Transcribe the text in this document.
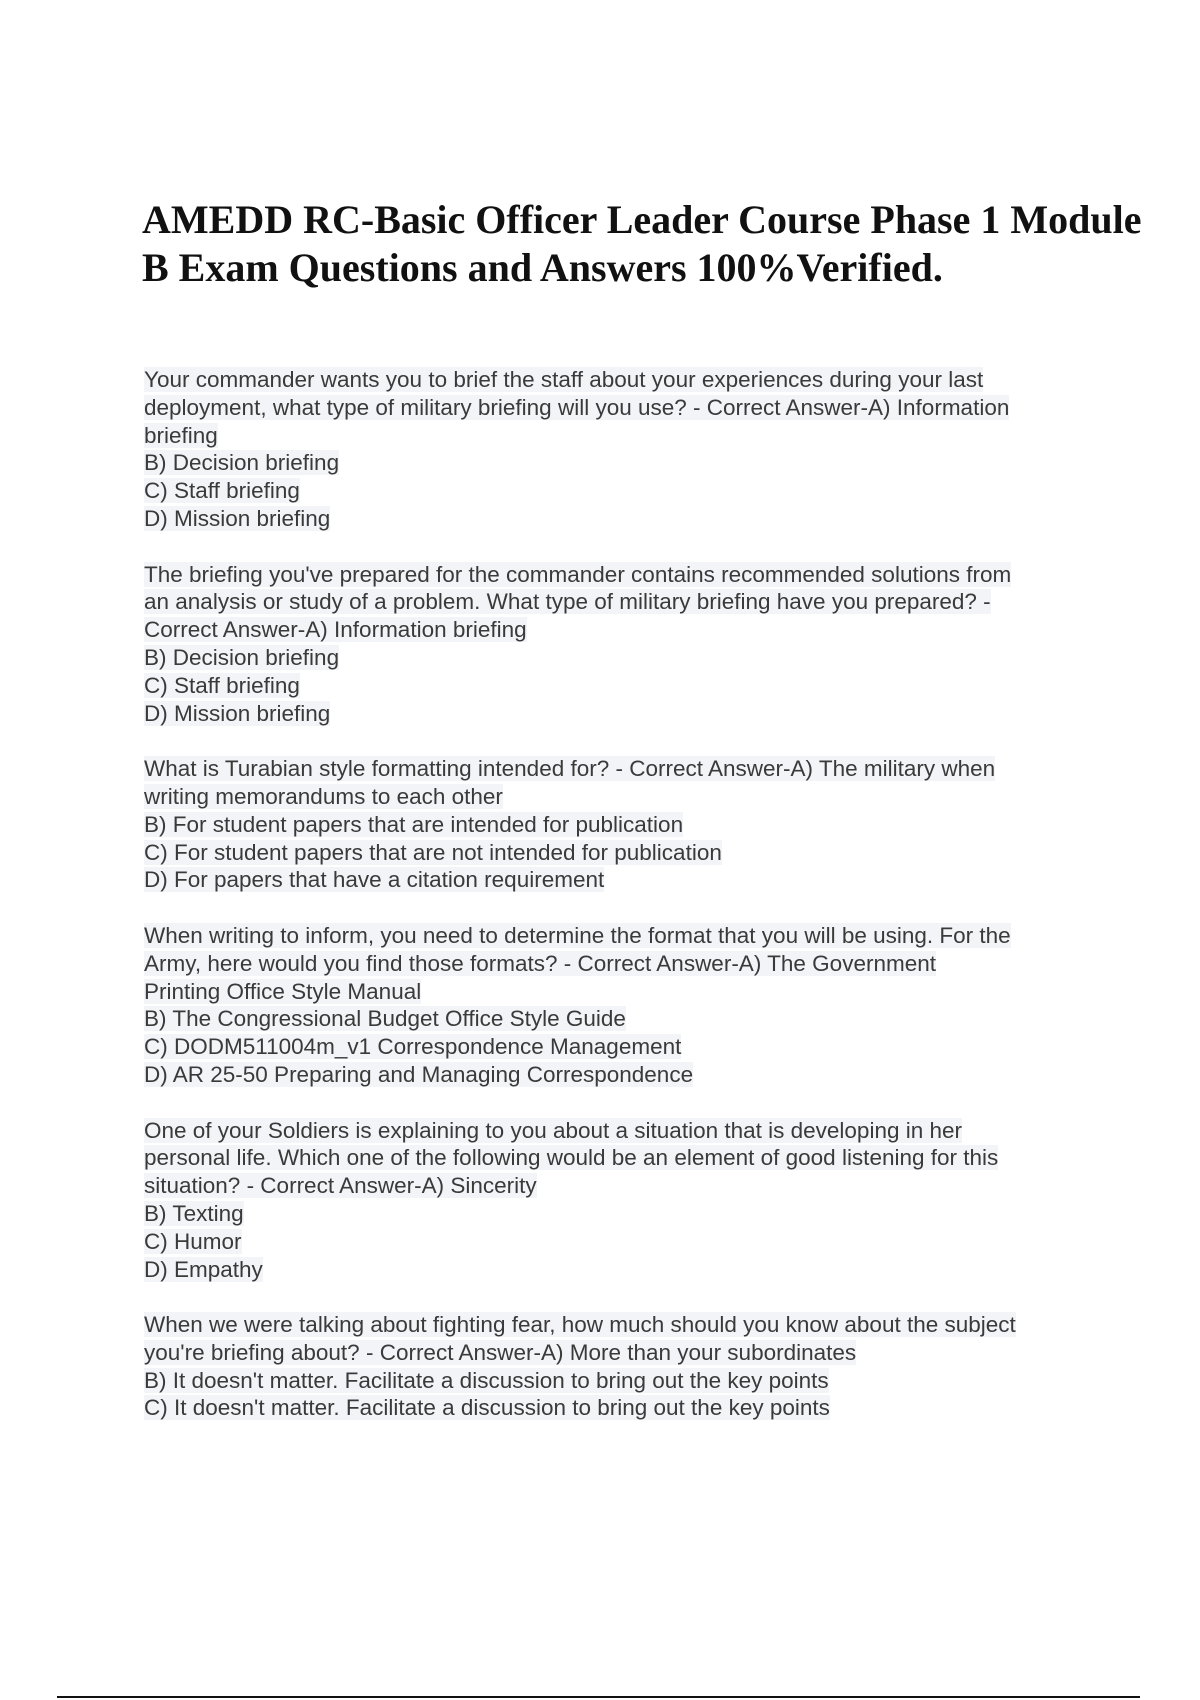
AMEDD RC-Basic Officer Leader Course Phase 1 Module
B Exam Questions and Answers 100%Verified.
Your commander wants you to brief the staff about your experiences during your last
deployment, what type of military briefing will you use? - Correct Answer-A) Information
briefing
B) Decision briefing
C) Staff briefing
D) Mission briefing
The briefing you've prepared for the commander contains recommended solutions from
an analysis or study of a problem. What type of military briefing have you prepared? -
Correct Answer-A) Information briefing
B) Decision briefing
C) Staff briefing
D) Mission briefing
What is Turabian style formatting intended for? - Correct Answer-A) The military when
writing memorandums to each other
B) For student papers that are intended for publication
C) For student papers that are not intended for publication
D) For papers that have a citation requirement
When writing to inform, you need to determine the format that you will be using. For the
Army, here would you find those formats? - Correct Answer-A) The Government
Printing Office Style Manual
B) The Congressional Budget Office Style Guide
C) DODM511004m_v1 Correspondence Management
D) AR 25-50 Preparing and Managing Correspondence
One of your Soldiers is explaining to you about a situation that is developing in her
personal life. Which one of the following would be an element of good listening for this
situation? - Correct Answer-A) Sincerity
B) Texting
C) Humor
D) Empathy
When we were talking about fighting fear, how much should you know about the subject
you're briefing about? - Correct Answer-A) More than your subordinates
B) It doesn't matter. Facilitate a discussion to bring out the key points
C) It doesn't matter. Facilitate a discussion to bring out the key points
